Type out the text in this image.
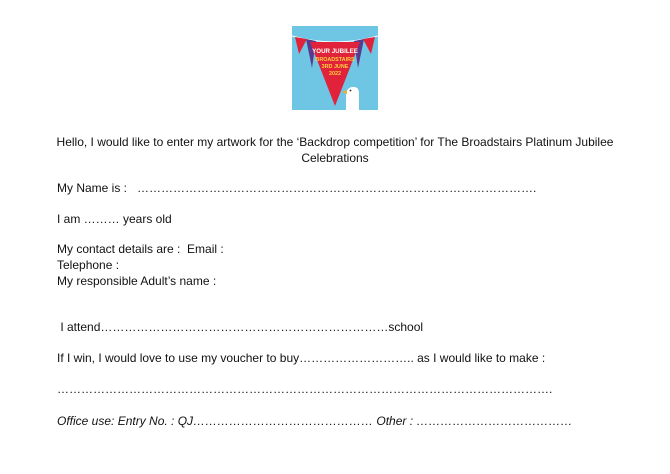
YOUR JUBILEE
BROADSTAIRS
3RD JUNE
2022
Hello, I would like to enter my artwork for the ‘Backdrop competition’ for The Broadstairs Platinum Jubilee
Celebrations
My Name is :   ……………………………………………………………………………………….
I am ……… years old
My contact details are :  Email :
Telephone :
My responsible Adult’s name :
I attend………………………………………………………………school
If I win, I would love to use my voucher to buy……………………….. as I would like to make :
…………………………………………………………………………………………………………….
Office use: Entry No. : QJ……………………………………… Other : …………………………………
